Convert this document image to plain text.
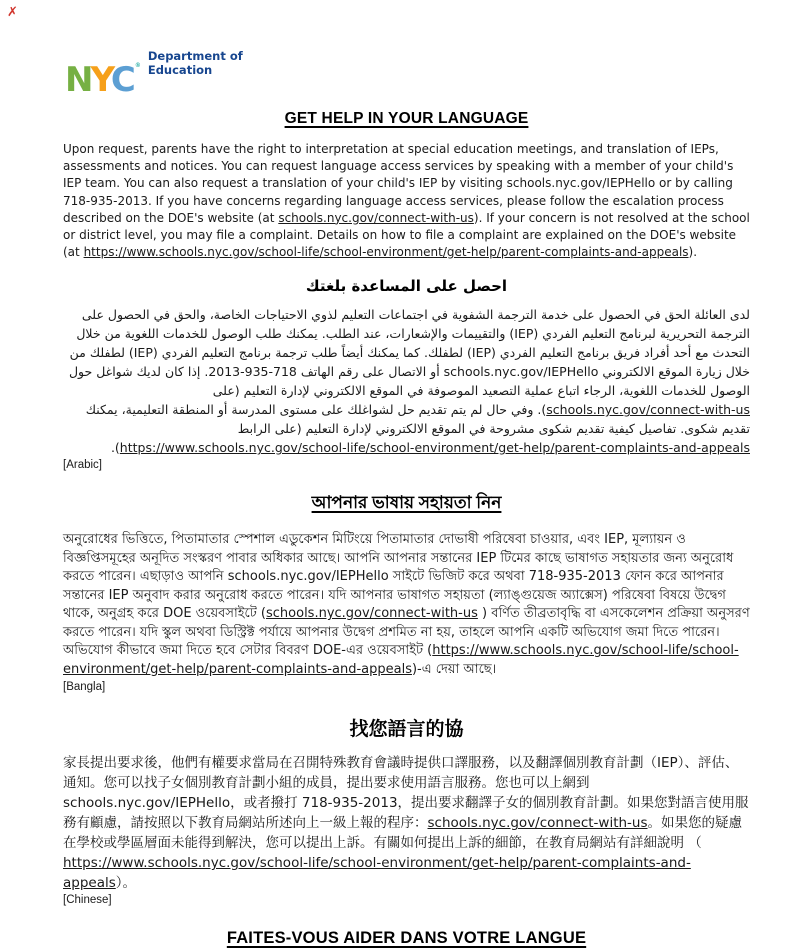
✗
NYC ®
Department of
Education
GET HELP IN YOUR LANGUAGE

Upon request, parents have the right to interpretation at special education meetings, and translation of IEPs, assessments and notices. You can request language access services by speaking with a member of your child's IEP team. You can also request a translation of your child's IEP by visiting schools.nyc.gov/IEPHello or by calling 718-935-2013. If you have concerns regarding language access services, please follow the escalation process described on the DOE's website (at schools.nyc.gov/connect-with-us). If your concern is not resolved at the school or district level, you may file a complaint. Details on how to file a complaint are explained on the DOE's website (at https://www.schools.nyc.gov/school-life/school-environment/get-help/parent-complaints-and-appeals).

احصل على المساعدة بلغتك

لدى العائلة الحق في الحصول على خدمة الترجمة الشفوية في اجتماعات التعليم لذوي الاحتياجات الخاصة، والحق في الحصول على الترجمة التحريرية لبرنامج التعليم الفردي (IEP) والتقييمات والإشعارات، عند الطلب. يمكنك طلب الوصول للخدمات اللغوية من خلال التحدث مع أحد أفراد فريق برنامج التعليم الفردي (IEP) لطفلك. كما يمكنك أيضاً طلب ترجمة برنامج التعليم الفردي (IEP) لطفلك من خلال زيارة الموقع الالكتروني schools.nyc.gov/IEPHello أو الاتصال على رقم الهاتف 718-935-2013. إذا كان لديك شواغل حول الوصول للخدمات اللغوية، الرجاء اتباع عملية التصعيد الموصوفة في الموقع الالكتروني لإدارة التعليم (على schools.nyc.gov/connect-with-us). وفي حال لم يتم تقديم حل لشواغلك على مستوى المدرسة أو المنطقة التعليمية، يمكنك تقديم شكوى. تفاصيل كيفية تقديم شكوى مشروحة في الموقع الالكتروني لإدارة التعليم (على الرابط https://www.schools.nyc.gov/school-life/school-environment/get-help/parent-complaints-and-appeals).

[Arabic]
আপনার ভাষায় সহায়তা নিন

অনুরোধের ভিত্তিতে, পিতামাতার স্পেশাল এডুকেশন মিটিংয়ে পিতামাতার দোভাষী পরিষেবা চাওয়ার, এবং IEP, মূল্যায়ন ও বিজ্ঞপ্তিসমূহের অনূদিত সংস্করণ পাবার অধিকার আছে। আপনি আপনার সন্তানের IEP টিমের কাছে ভাষাগত সহায়তার জন্য অনুরোধ করতে পারেন। এছাড়াও আপনি schools.nyc.gov/IEPHello সাইটে ভিজিট করে অথবা 718-935-2013 ফোন করে আপনার সন্তানের IEP অনুবাদ করার অনুরোধ করতে পারেন। যদি আপনার ভাষাগত সহায়তা (ল্যাঙ্গুয়েজ অ্যাক্সেস) পরিষেবা বিষয়ে উদ্বেগ থাকে, অনুগ্রহ করে DOE ওয়েবসাইটে (schools.nyc.gov/connect-with-us ) বর্ণিত তীব্রতাবৃদ্ধি বা এসকেলেশন প্রক্রিয়া অনুসরণ করতে পারেন। যদি স্কুল অথবা ডিস্ট্রিক্ট পর্যায়ে আপনার উদ্বেগ প্রশমিত না হয়, তাহলে আপনি একটি অভিযোগ জমা দিতে পারেন। অভিযোগ কীভাবে জমা দিতে হবে সেটার বিবরণ DOE-এর ওয়েবসাইট (https://www.schools.nyc.gov/school-life/school-environment/get-help/parent-complaints-and-appeals)-এ দেয়া আছে।

[Bangla]
找您語言的協

家長提出要求後，他們有權要求當局在召開特殊教育會議時提供口譯服務，以及翻譯個別教育計劃（IEP）、評估、通知。您可以找子女個別教育計劃小組的成員，提出要求使用語言服務。您也可以上網到 schools.nyc.gov/IEPHello，或者撥打 718-935-2013，提出要求翻譯子女的個別教育計劃。如果您對語言使用服務有顧慮，請按照以下教育局網站所述向上一級上報的程序：schools.nyc.gov/connect-with-us。如果您的疑慮在學校或學區層面未能得到解決，您可以提出上訴。有關如何提出上訴的細節，在教育局網站有詳細說明 （ https://www.schools.nyc.gov/school-life/school-environment/get-help/parent-complaints-and-appeals）。

[Chinese]
FAITES-VOUS AIDER DANS VOTRE LANGUE
